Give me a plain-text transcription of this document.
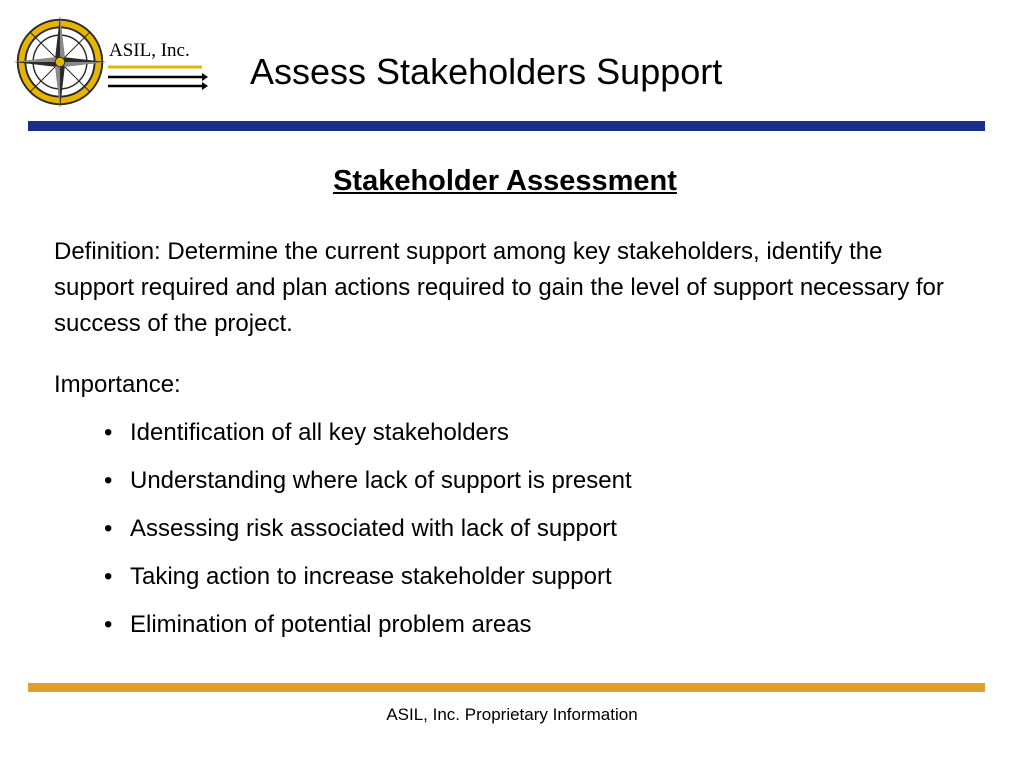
ASIL, Inc.
Assess Stakeholders Support
Stakeholder Assessment
Definition: Determine the current support among key stakeholders, identify the support required and plan actions required to gain the level of support necessary for success of the project.
Importance:
• Identification of all key stakeholders
• Understanding where lack of support is present
• Assessing risk associated with lack of support
• Taking action to increase stakeholder support
• Elimination of potential problem areas
ASIL, Inc. Proprietary Information
